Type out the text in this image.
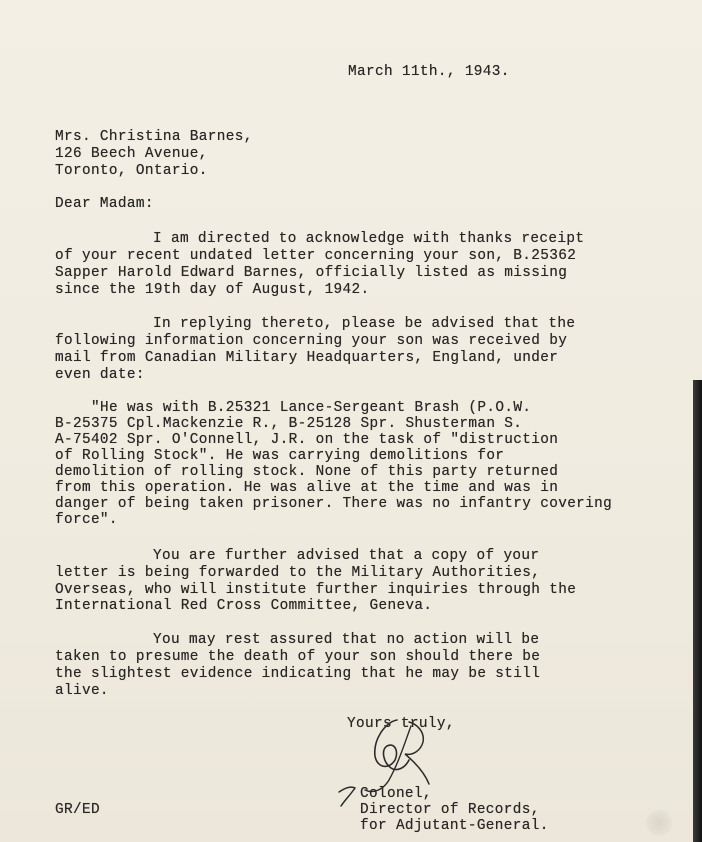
March 11th., 1943.
Mrs. Christina Barnes,
126 Beech Avenue,
Toronto, Ontario.
Dear Madam:
I am directed to acknowledge with thanks receipt
of your recent undated letter concerning your son, B.25362
Sapper Harold Edward Barnes, officially listed as missing
since the 19th day of August, 1942.
In replying thereto, please be advised that the
following information concerning your son was received by
mail from Canadian Military Headquarters, England, under
even date:
"He was with B.25321 Lance-Sergeant Brash (P.O.W.
B-25375 Cpl.Mackenzie R., B-25128 Spr. Shusterman S.
A-75402 Spr. O'Connell, J.R. on the task of "distruction
of Rolling Stock". He was carrying demolitions for
demolition of rolling stock. None of this party returned
from this operation. He was alive at the time and was in
danger of being taken prisoner. There was no infantry covering
force".
You are further advised that a copy of your
letter is being forwarded to the Military Authorities,
Overseas, who will institute further inquiries through the
International Red Cross Committee, Geneva.
You may rest assured that no action will be
taken to presume the death of your son should there be
the slightest evidence indicating that he may be still
alive.
Yours truly,
Colonel,
Director of Records,
for Adjutant-General.
GR/ED
